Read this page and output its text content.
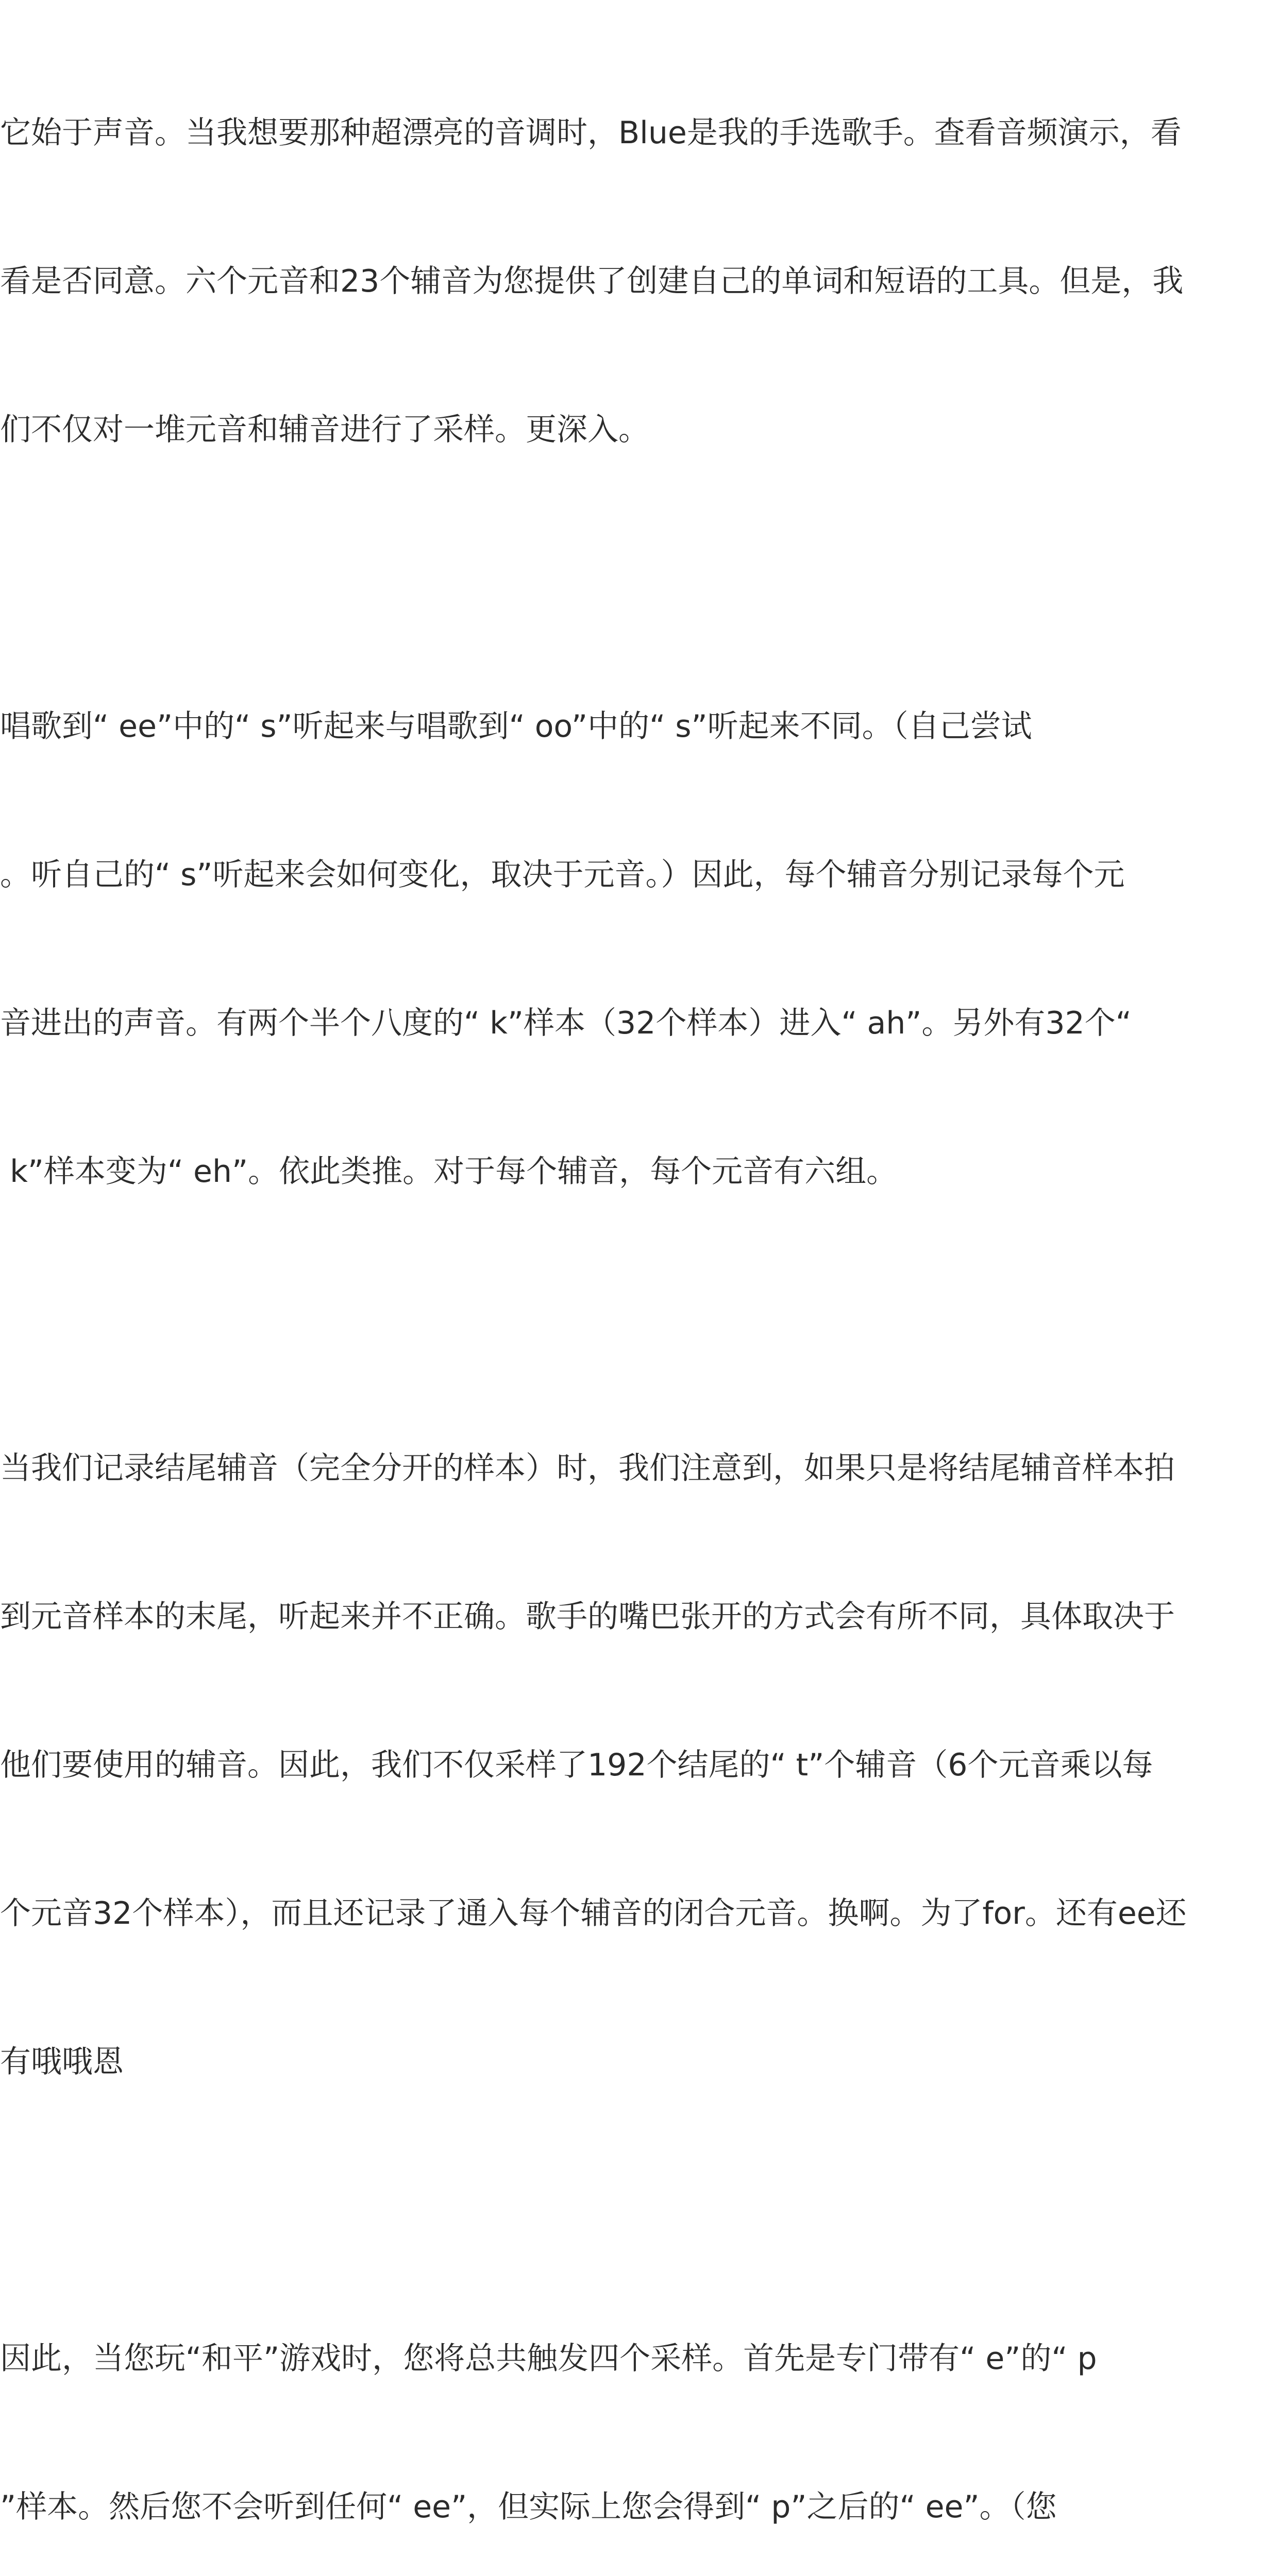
它始于声音。当我想要那种超漂亮的音调时，Blue是我的手选歌手。查看音频演示，看

看是否同意。六个元音和23个辅音为您提供了创建自己的单词和短语的工具。但是，我

们不仅对一堆元音和辅音进行了采样。更深入。

唱歌到“ ee”中的“ s”听起来与唱歌到“ oo”中的“ s”听起来不同。（自己尝试

。听自己的“ s”听起来会如何变化，取决于元音。）因此，每个辅音分别记录每个元

音进出的声音。有两个半个八度的“ k”样本（32个样本）进入“ ah”。另外有32个“

k”样本变为“ eh”。依此类推。对于每个辅音，每个元音有六组。

当我们记录结尾辅音（完全分开的样本）时，我们注意到，如果只是将结尾辅音样本拍

到元音样本的末尾，听起来并不正确。歌手的嘴巴张开的方式会有所不同，具体取决于

他们要使用的辅音。因此，我们不仅采样了192个结尾的“ t”个辅音（6个元音乘以每

个元音32个样本），而且还记录了通入每个辅音的闭合元音。换啊。为了for。还有ee还

有哦哦恩

因此，当您玩“和平”游戏时，您将总共触发四个采样。首先是专门带有“ e”的“ p

”样本。然后您不会听到任何“ ee”，但实际上您会得到“ p”之后的“ ee”。（您
